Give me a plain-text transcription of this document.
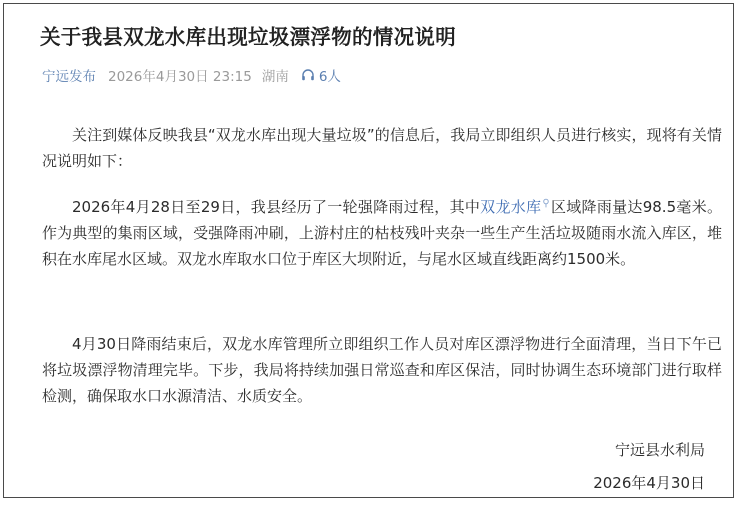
关于我县双龙水库出现垃圾漂浮物的情况说明
宁远发布 2026年4月30日 23:15 湖南 6人

关注到媒体反映我县“双龙水库出现大量垃圾”的信息后，我局立即组织人员进行核实，现将有关情况说明如下：

2026年4月28日至29日，我县经历了一轮强降雨过程，其中双龙水库⚲区域降雨量达98.5毫米。作为典型的集雨区域，受强降雨冲刷，上游村庄的枯枝残叶夹杂一些生产生活垃圾随雨水流入库区，堆积在水库尾水区域。双龙水库取水口位于库区大坝附近，与尾水区域直线距离约1500米。

4月30日降雨结束后，双龙水库管理所立即组织工作人员对库区漂浮物进行全面清理，当日下午已将垃圾漂浮物清理完毕。下步，我局将持续加强日常巡查和库区保洁，同时协调生态环境部门进行取样检测，确保取水口水源清洁、水质安全。

宁远县水利局
2026年4月30日
